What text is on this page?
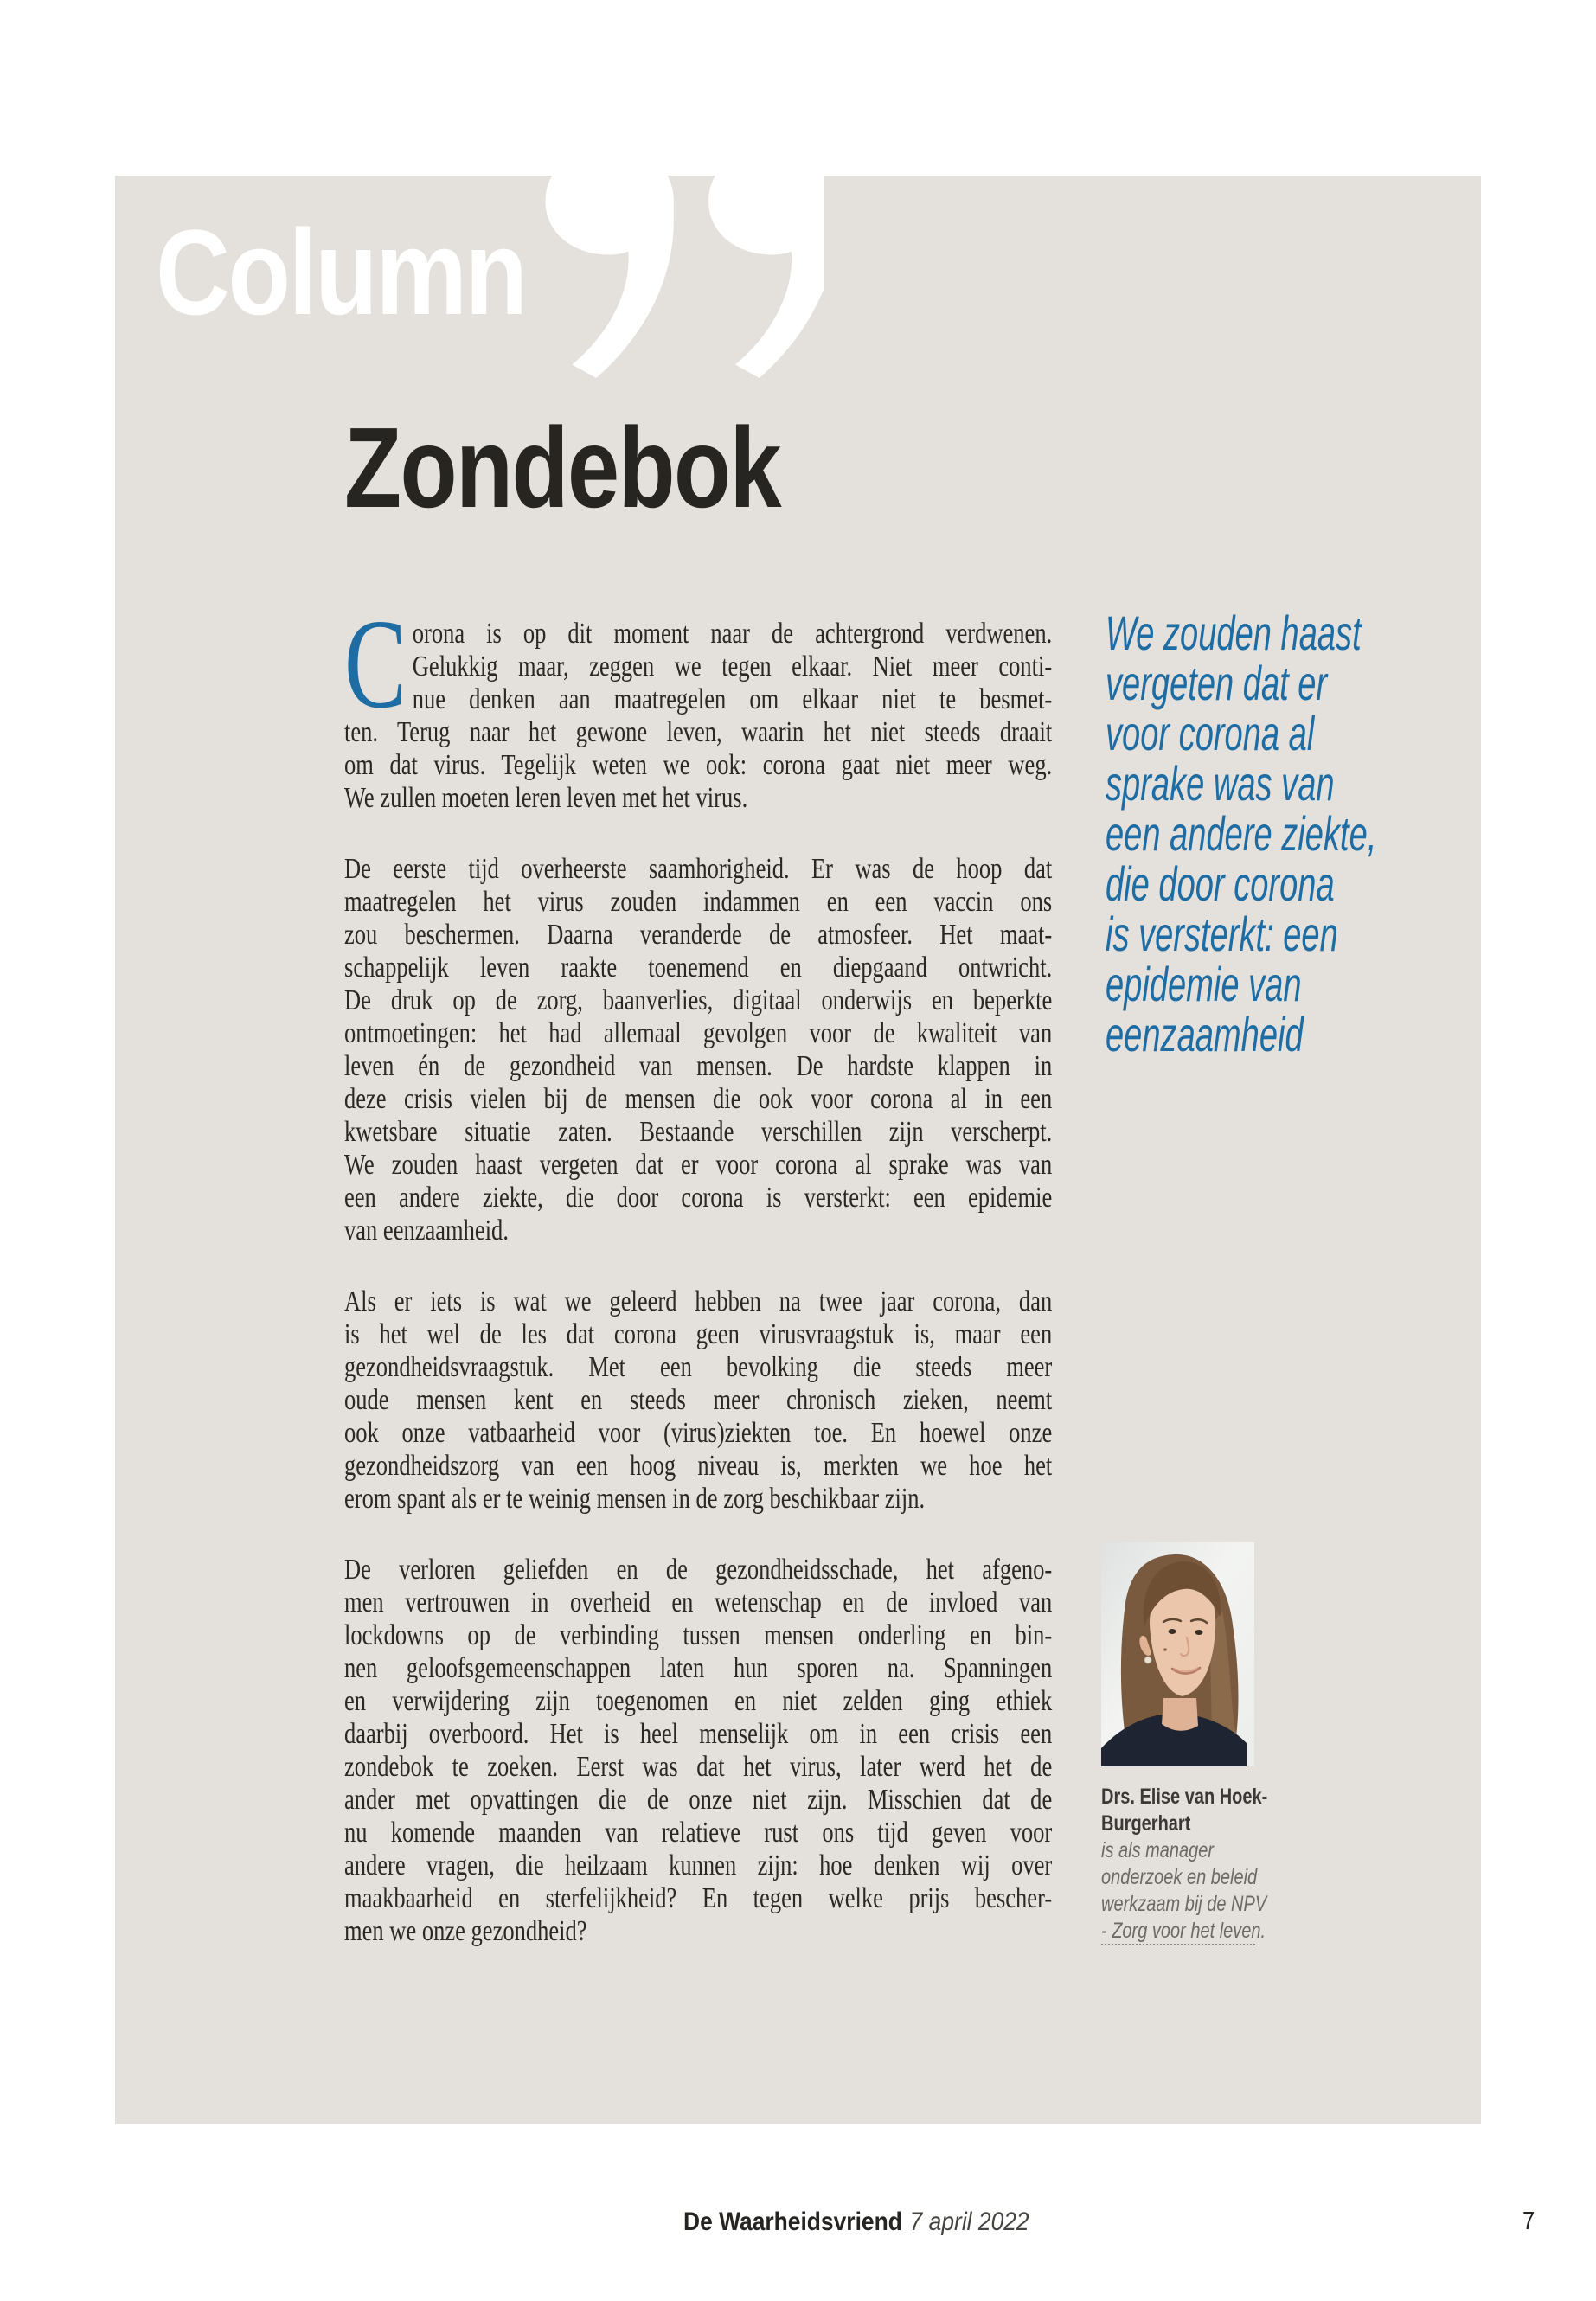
Column
Zondebok
C orona is op dit moment naar de achtergrond verdwenen.
Gelukkig maar, zeggen we tegen elkaar. Niet meer conti-
nue denken aan maatregelen om elkaar niet te besmet-
ten. Terug naar het gewone leven, waarin het niet steeds draait
om dat virus. Tegelijk weten we ook: corona gaat niet meer weg.
We zullen moeten leren leven met het virus.
De eerste tijd overheerste saamhorigheid. Er was de hoop dat
maatregelen het virus zouden indammen en een vaccin ons
zou beschermen. Daarna veranderde de atmosfeer. Het maat-
schappelijk leven raakte toenemend en diepgaand ontwricht.
De druk op de zorg, baanverlies, digitaal onderwijs en beperkte
ontmoetingen: het had allemaal gevolgen voor de kwaliteit van
leven én de gezondheid van mensen. De hardste klappen in
deze crisis vielen bij de mensen die ook voor corona al in een
kwetsbare situatie zaten. Bestaande verschillen zijn verscherpt.
We zouden haast vergeten dat er voor corona al sprake was van
een andere ziekte, die door corona is versterkt: een epidemie
van eenzaamheid.
Als er iets is wat we geleerd hebben na twee jaar corona, dan
is het wel de les dat corona geen virusvraagstuk is, maar een
gezondheidsvraagstuk. Met een bevolking die steeds meer
oude mensen kent en steeds meer chronisch zieken, neemt
ook onze vatbaarheid voor (virus)ziekten toe. En hoewel onze
gezondheidszorg van een hoog niveau is, merkten we hoe het
erom spant als er te weinig mensen in de zorg beschikbaar zijn.
De verloren geliefden en de gezondheidsschade, het afgeno-
men vertrouwen in overheid en wetenschap en de invloed van
lockdowns op de verbinding tussen mensen onderling en bin-
nen geloofsgemeenschappen laten hun sporen na. Spanningen
en verwijdering zijn toegenomen en niet zelden ging ethiek
daarbij overboord. Het is heel menselijk om in een crisis een
zondebok te zoeken. Eerst was dat het virus, later werd het de
ander met opvattingen die de onze niet zijn. Misschien dat de
nu komende maanden van relatieve rust ons tijd geven voor
andere vragen, die heilzaam kunnen zijn: hoe denken wij over
maakbaarheid en sterfelijkheid? En tegen welke prijs bescher-
men we onze gezondheid?
We zouden haast
vergeten dat er
voor corona al
sprake was van
een andere ziekte,
die door corona
is versterkt: een
epidemie van
eenzaamheid
Drs. Elise van Hoek-
Burgerhart
is als manager
onderzoek en beleid
werkzaam bij de NPV
- Zorg voor het leven.
De Waarheidsvriend 7 april 2022	7
